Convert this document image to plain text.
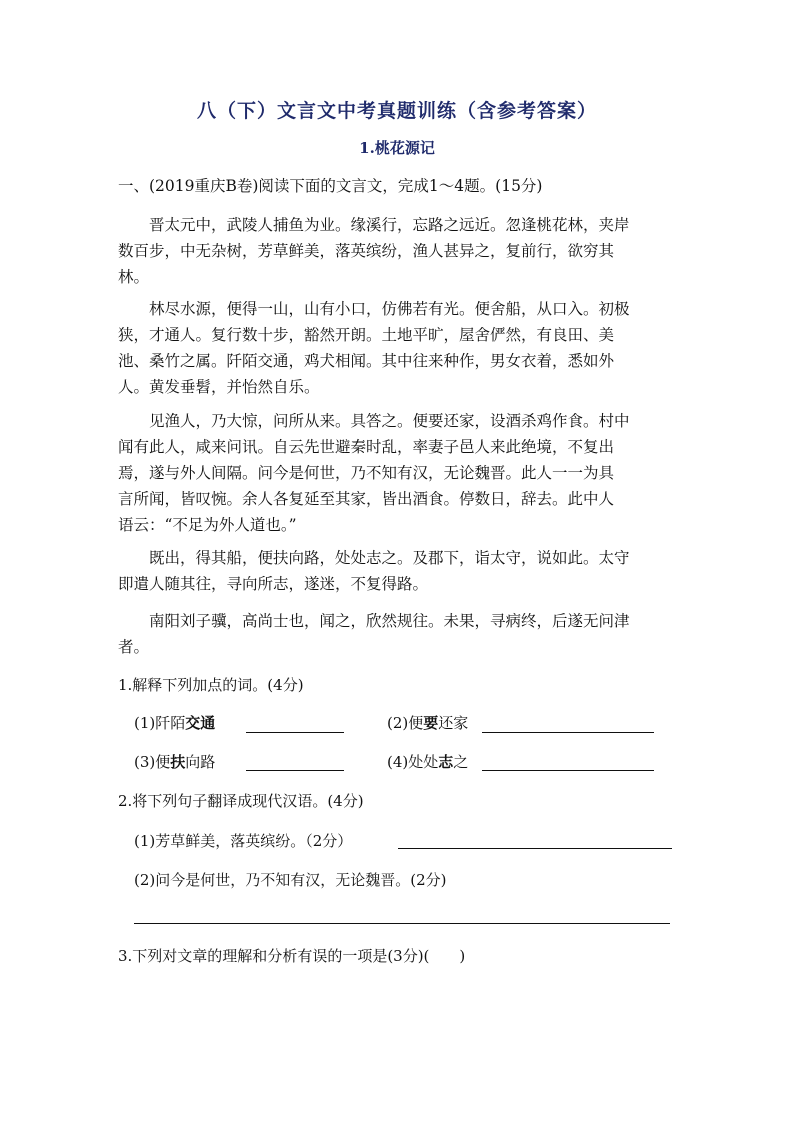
八（下）文言文中考真题训练（含参考答案）
1.桃花源记
一、(2019重庆B卷)阅读下面的文言文，完成1～4题。(15分)
晋太元中，武陵人捕鱼为业。缘溪行，忘路之远近。忽逢桃花林，夹岸
数百步，中无杂树，芳草鲜美，落英缤纷，渔人甚异之，复前行，欲穷其
林。
林尽水源，便得一山，山有小口，仿佛若有光。便舍船，从口入。初极
狭，才通人。复行数十步，豁然开朗。土地平旷，屋舍俨然，有良田、美
池、桑竹之属。阡陌交通，鸡犬相闻。其中往来种作，男女衣着，悉如外
人。黄发垂髫，并怡然自乐。
见渔人，乃大惊，问所从来。具答之。便要还家，设酒杀鸡作食。村中
闻有此人，咸来问讯。自云先世避秦时乱，率妻子邑人来此绝境，不复出
焉，遂与外人间隔。问今是何世，乃不知有汉，无论魏晋。此人一一为具
言所闻，皆叹惋。余人各复延至其家，皆出酒食。停数日，辞去。此中人
语云：“不足为外人道也。”
既出，得其船，便扶向路，处处志之。及郡下，诣太守，说如此。太守
即遣人随其往，寻向所志，遂迷，不复得路。
南阳刘子骥，高尚士也，闻之，欣然规往。未果，寻病终，后遂无问津
者。
1.解释下列加点的词。(4分)
(1)阡陌交通	(2)便要还家
(3)便扶向路	(4)处处志之
2.将下列句子翻译成现代汉语。(4分)
(1)芳草鲜美，落英缤纷。（2分）
(2)问今是何世，乃不知有汉，无论魏晋。(2分)
3.下列对文章的理解和分析有误的一项是(3分)(　　)
